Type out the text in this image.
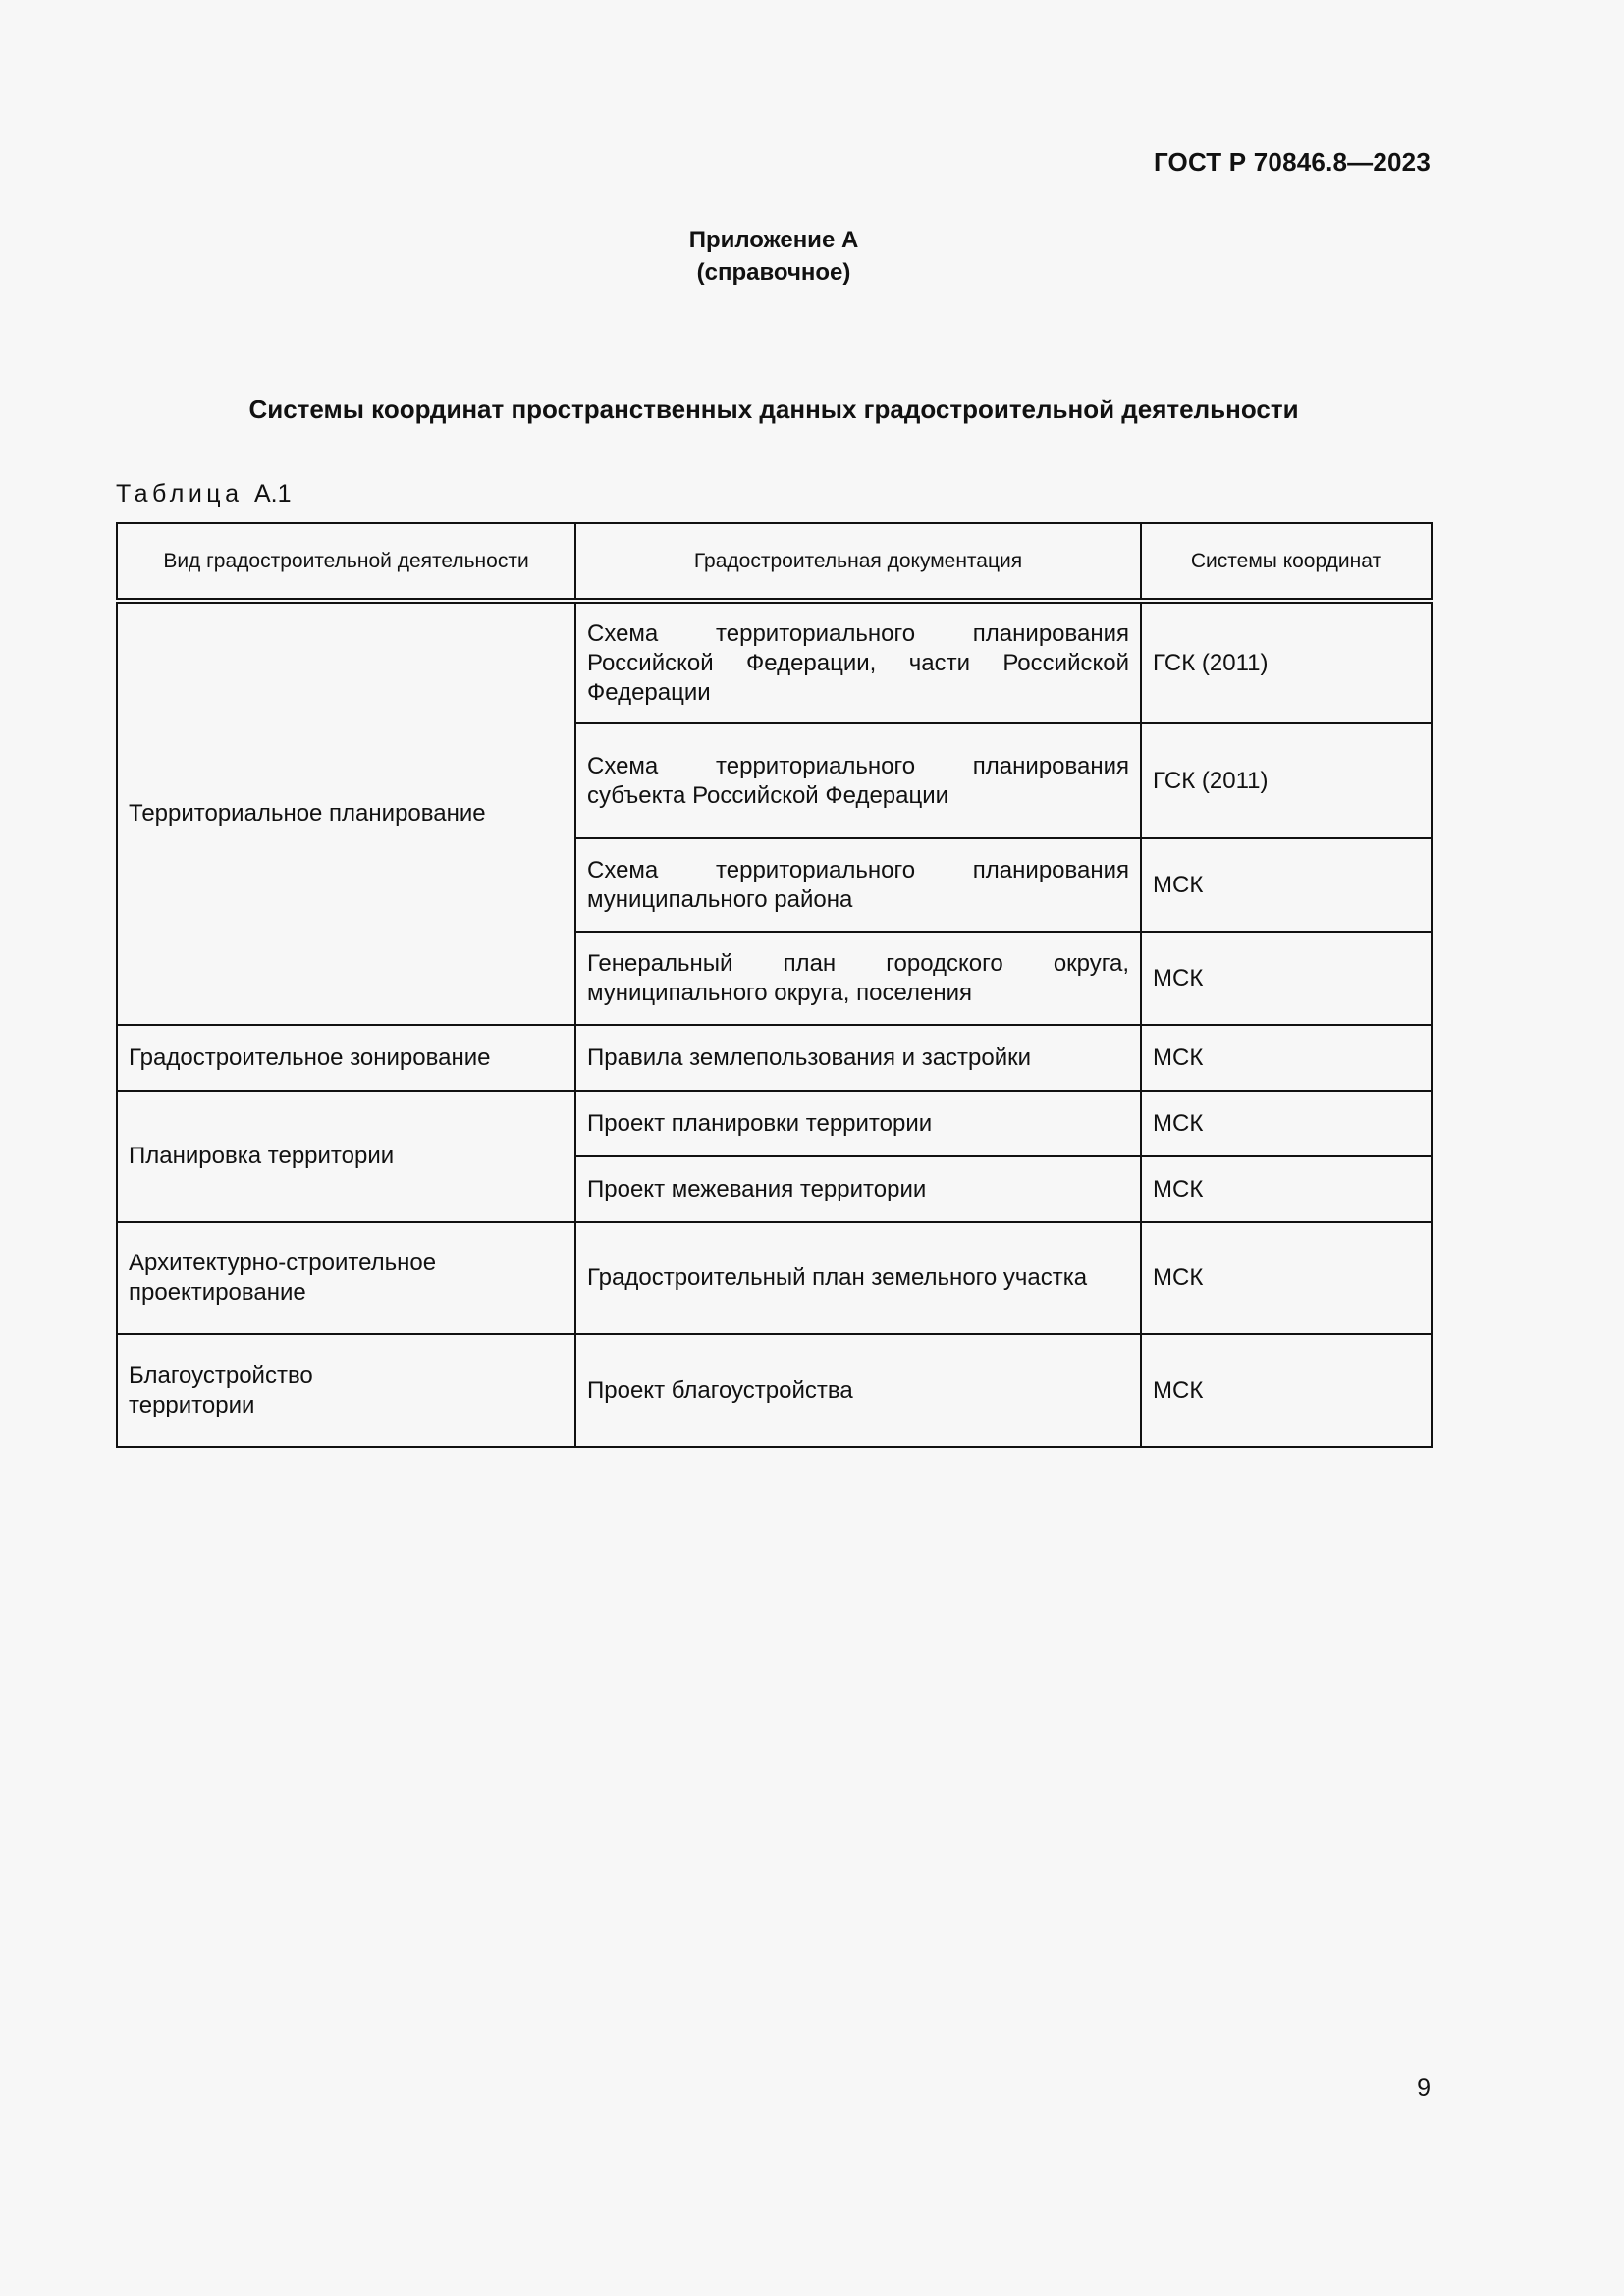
ГОСТ Р 70846.8—2023
Приложение А
(справочное)
Системы координат пространственных данных градостроительной деятельности
Таблица А.1
Вид градостроительной деятельности	Градостроительная документация	Системы координат
Территориальное планирование	Схема территориального планирования Российской Федерации, части Российской Федерации	ГСК (2011)
	Схема территориального планирования субъекта Российской Федерации	ГСК (2011)
	Схема территориального планирования муниципального района	МСК
	Генеральный план городского округа, муниципального округа, поселения	МСК
Градостроительное зонирование	Правила землепользования и застройки	МСК
Планировка территории	Проект планировки территории	МСК
	Проект межевания территории	МСК
Архитектурно-строительное проектирование	Градостроительный план земельного участка	МСК
Благоустройство территории	Проект благоустройства	МСК
9
